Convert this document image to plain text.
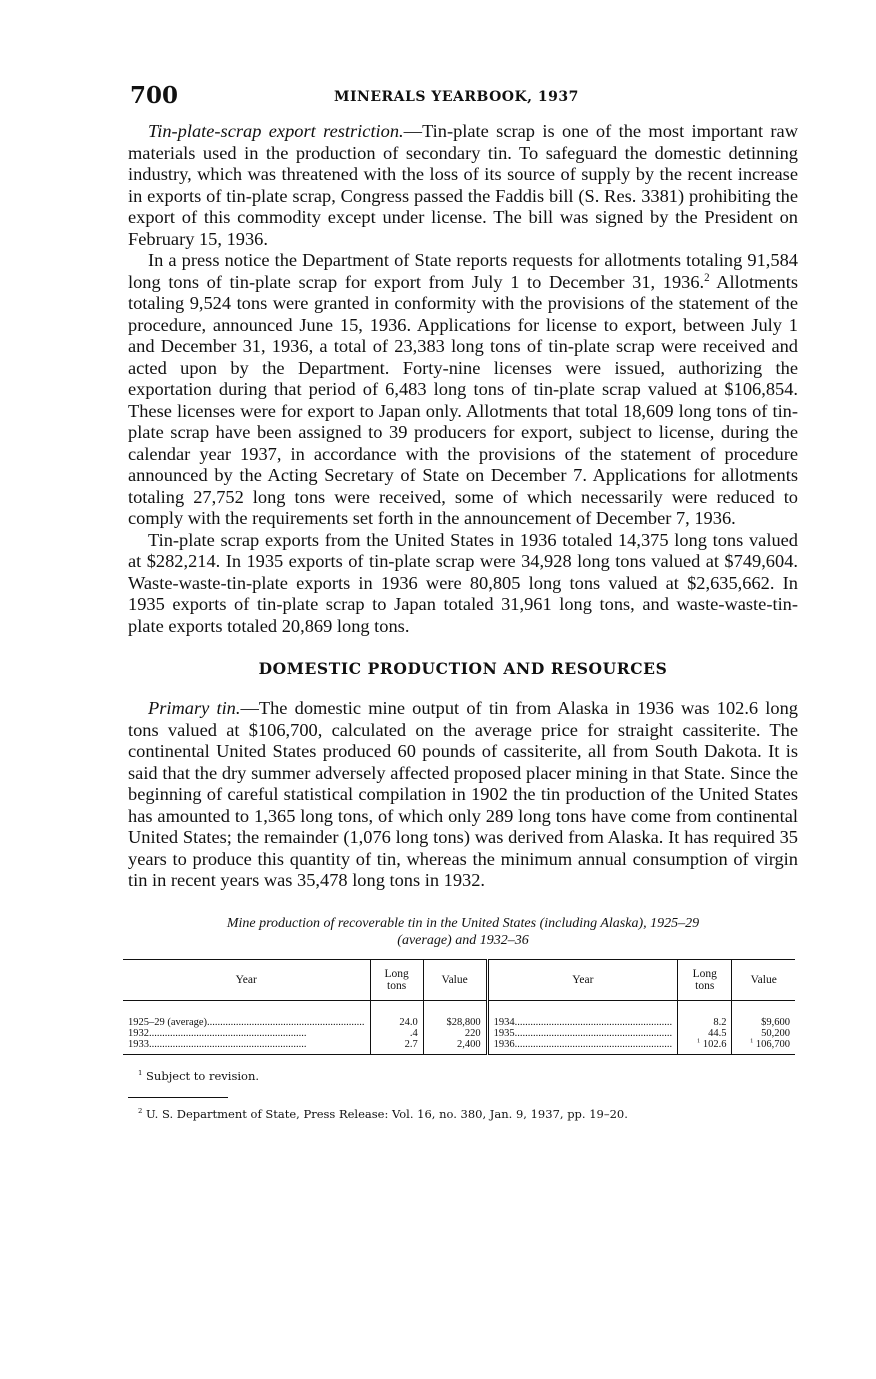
700	MINERALS YEARBOOK, 1937

Tin-plate-scrap export restriction.—Tin-plate scrap is one of the most important raw materials used in the production of secondary tin. To safeguard the domestic detinning industry, which was threatened with the loss of its source of supply by the recent increase in exports of tin-plate scrap, Congress passed the Faddis bill (S. Res. 3381) prohibiting the export of this commodity except under license. The bill was signed by the President on February 15, 1936.

In a press notice the Department of State reports requests for allotments totaling 91,584 long tons of tin-plate scrap for export from July 1 to December 31, 1936.$^2$ Allotments totaling 9,524 tons were granted in conformity with the provisions of the statement of the procedure, announced June 15, 1936. Applications for license to export, between July 1 and December 31, 1936, a total of 23,383 long tons of tin-plate scrap were received and acted upon by the Department. Forty-nine licenses were issued, authorizing the exportation during that period of 6,483 long tons of tin-plate scrap valued at $106,854. These licenses were for export to Japan only. Allotments that total 18,609 long tons of tin-plate scrap have been assigned to 39 producers for export, subject to license, during the calendar year 1937, in accordance with the provisions of the statement of procedure announced by the Acting Secretary of State on December 7. Applications for allotments totaling 27,752 long tons were received, some of which necessarily were reduced to comply with the requirements set forth in the announcement of December 7, 1936.

Tin-plate scrap exports from the United States in 1936 totaled 14,375 long tons valued at $282,214. In 1935 exports of tin-plate scrap were 34,928 long tons valued at $749,604. Waste-waste-tin-plate exports in 1936 were 80,805 long tons valued at $2,635,662. In 1935 exports of tin-plate scrap to Japan totaled 31,961 long tons, and waste-waste-tin-plate exports totaled 20,869 long tons.

DOMESTIC PRODUCTION AND RESOURCES

Primary tin.—The domestic mine output of tin from Alaska in 1936 was 102.6 long tons valued at $106,700, calculated on the average price for straight cassiterite. The continental United States produced 60 pounds of cassiterite, all from South Dakota. It is said that the dry summer adversely affected proposed placer mining in that State. Since the beginning of careful statistical compilation in 1902 the tin production of the United States has amounted to 1,365 long tons, of which only 289 long tons have come from continental United States; the remainder (1,076 long tons) was derived from Alaska. It has required 35 years to produce this quantity of tin, whereas the minimum annual consumption of virgin tin in recent years was 35,478 long tons in 1932.

Mine production of recoverable tin in the United States (including Alaska), 1925–29
(average) and 1932–36
Year	Long tons	Value	Year	Long tons	Value
1925–29 (average)............................................................	24.0	$28,800	1934............................................................	8.2	$9,600
1932............................................................	.4	220	1935............................................................	44.5	50,200
1933............................................................	2.7	2,400	1936............................................................	$^1$ 102.6	$^1$ 106,700

$^1$ Subject to revision.

$^2$ U. S. Department of State, Press Release: Vol. 16, no. 380, Jan. 9, 1937, pp. 19–20.
